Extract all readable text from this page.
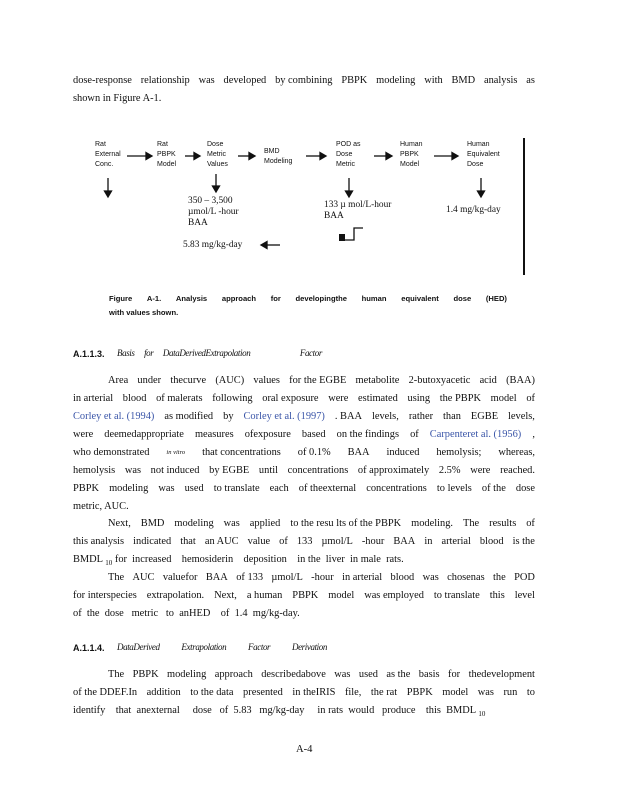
dose-response relationship was developed by combining PBPK modeling with BMD analysis as
shown in Figure A-1.
Rat
External
Conc.
Rat
PBPK
Model
Dose
Metric
Values
BMD
Modeling
POD as
Dose
Metric
Human
PBPK
Model
Human
Equivalent
Dose
350 – 3,500
µmol/L -hour
BAA
133 µ mol/L-hour
BAA
1.4 mg/kg-day
5.83 mg/kg-day
Figure A-1. Analysis approach for developingthe human equivalent dose (HED)
with values shown.
A.1.1.3. Basis for DataDerivedExtrapolation	Factor
Area under thecurve (AUC) values for the EGBE metabolite 2-butoxyacetic acid (BAA)
in arterial blood of malerats following oral exposure were estimated using the PBPK model of
Corley et al. (1994) as modified by Corley et al. (1997) . BAA levels, rather than EGBE levels,
were deemedappropriate measures ofexposure based on the findings of Carpenteret al. (1956) ,
who demonstrated	in vitro that concentrations of 0.1% BAA induced hemolysis; whereas,
hemolysis was not induced by EGBE until concentrations of approximately 2.5% were reached.
PBPK modeling was used to translate each of theexternal concentrations to levels of the dose
metric, AUC.
Next, BMD modeling was applied to the resu lts of the PBPK modeling. The results of
this analysis indicated that an AUC value of 133 µmol/L -hour BAA in arterial blood is the
BMDL $_{10}$ for  increased    hemosiderin    deposition    in the  liver  in male  rats.
The AUC valuefor BAA of 133 µmol/L -hour in arterial blood was chosenas the POD
for interspecies extrapolation. Next, a human PBPK model was employed to translate this level
of  the  dose   metric   to  anHED    of  1.4  mg/kg-day.
A.1.1.4. DataDerived Extrapolation Factor Derivation
The PBPK modeling approach describedabove was used as the basis for thedevelopment
of the DDEF.In addition to the data presented in theIRIS file, the rat PBPK model was run to
identify    that  anexternal     dose   of  5.83   mg/kg-day     in rats  would   produce    this  BMDL $_{10}$
A-4
